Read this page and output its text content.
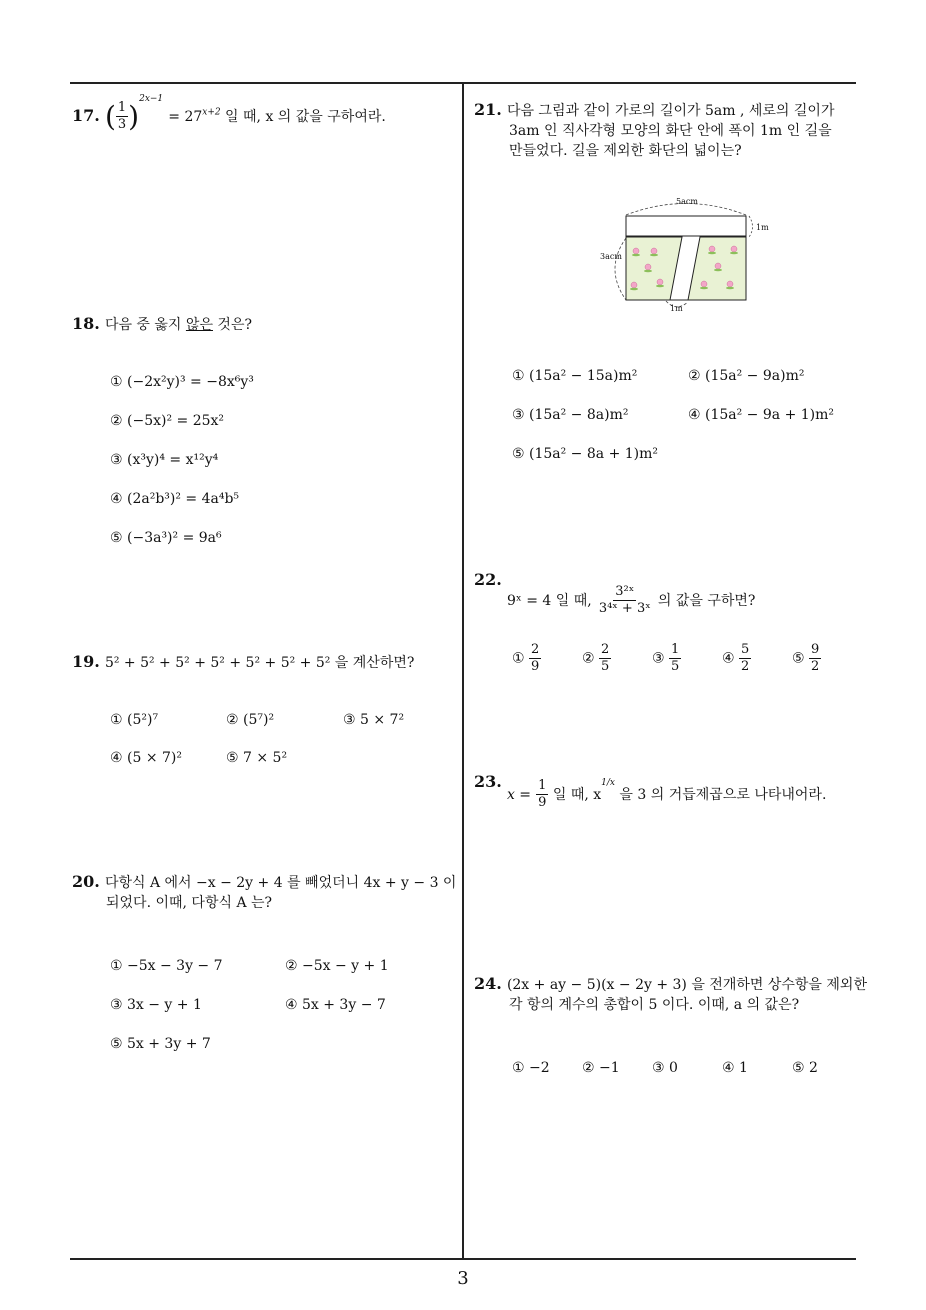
17. ( $\frac{1}{3} )^{2x-1} = 27^{x+2}$ 일 때, x 의 값을 구하여라.
18. 다음 중 옳지 않은 것은?
① (−2x²y)³ = −8x⁶y³
② (−5x)² = 25x²
③ (x³y)⁴ = x¹²y⁴
④ (2a²b³)² = 4a⁴b⁵
⑤ (−3a³)² = 9a⁶
19. 5² + 5² + 5² + 5² + 5² + 5² + 5² 을 계산하면?
① (5²)⁷	② (5⁷)²	③ 5 × 7²
④ (5 × 7)²	⑤ 7 × 5²
20. 다항식 A 에서 −x − 2y + 4 를 빼었더니 4x + y − 3 이
되었다. 이때, 다항식 A 는?
① −5x − 3y − 7	② −5x − y + 1
③ 3x − y + 1	④ 5x + 3y − 7
⑤ 5x + 3y + 7
21. 다음 그림과 같이 가로의 길이가 5am , 세로의 길이가
3am 인 직사각형 모양의 화단 안에 폭이 1m 인 길을
만들었다. 길을 제외한 화단의 넓이는?
5acm
3acm
1m
1m
① (15a² − 15a)m²	② (15a² − 9a)m²
③ (15a² − 8a)m²	④ (15a² − 9a + 1)m²
⑤ (15a² − 8a + 1)m²
22. 9ˣ = 4 일 때, $\frac{\text{3²ˣ}}{\text{3⁴ˣ + 3ˣ}}$ 의 값을 구하면?
① $\frac{2}{9}$	② $\frac{2}{5}$	③ $\frac{1}{5}$	④ $\frac{5}{2}$	⑤ $\frac{9}{2}$
23. $x = \frac{1}{9}$ 일 때, $x^{1/x}$ 을 3 의 거듭제곱으로 나타내어라.
24. (2x + ay − 5)(x − 2y + 3) 을 전개하면 상수항을 제외한
각 항의 계수의 총합이 5 이다. 이때, a 의 값은?
① −2 ② −1 ③ 0	④ 1	⑤ 2
3
